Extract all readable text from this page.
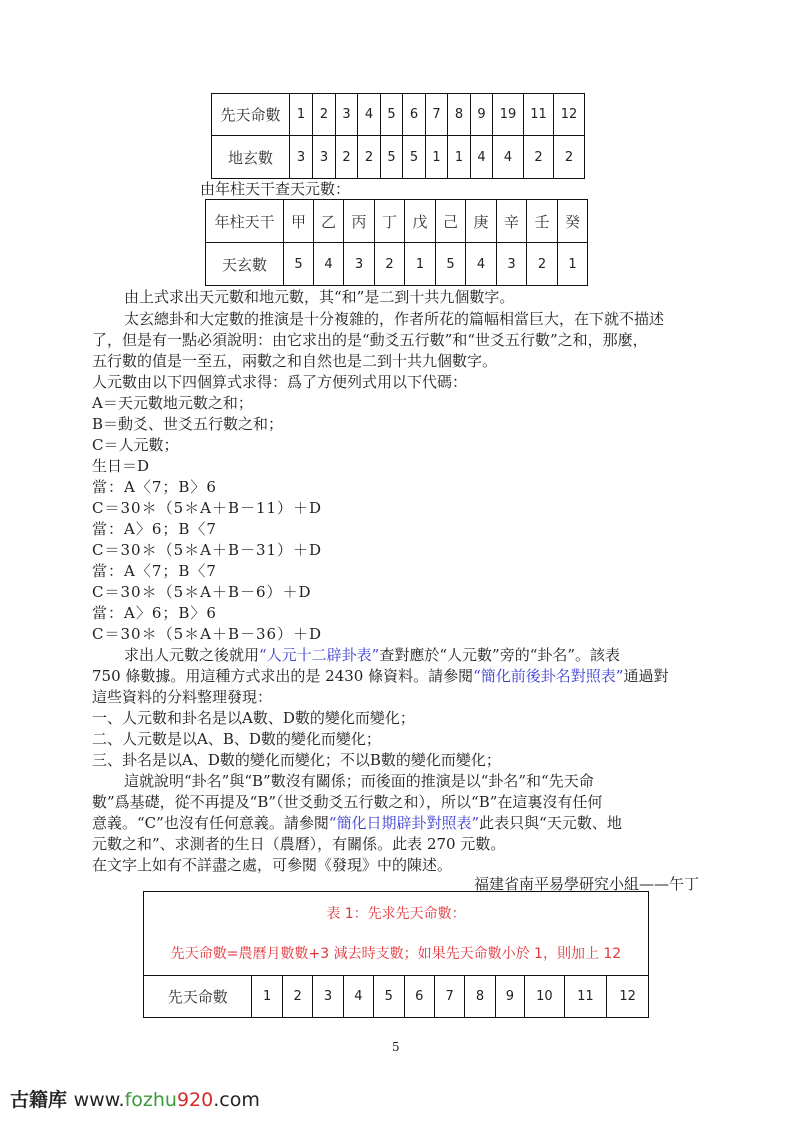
先天命數	1	2	3	4	5	6	7	8	9	19	11	12
地玄數	3	3	2	2	5	5	1	1	4	4	2	2
由年柱天干查天元數：
年柱天干	甲	乙	丙	丁	戊	己	庚	辛	壬	癸
天玄數	5	4	3	2	1	5	4	3	2	1
由上式求出天元數和地元數，其“和”是二到十共九個數字。
太玄總卦和大定數的推演是十分複雜的，作者所花的篇幅相當巨大，在下就不描述
了，但是有一點必須說明：由它求出的是“動爻五行數”和“世爻五行數”之和，那麼，
五行數的值是一至五，兩數之和自然也是二到十共九個數字。
人元數由以下四個算式求得：爲了方便列式用以下代碼：
A＝天元數地元數之和；
B＝動爻、世爻五行數之和；
C＝人元數；
生日＝D
當：A〈7；B〉6
C＝30＊（5＊A＋B－11）＋D
當：A〉6；B〈7
C＝30＊（5＊A＋B－31）＋D
當：A〈7；B〈7
C＝30＊（5＊A＋B－6）＋D
當：A〉6；B〉6
C＝30＊（5＊A＋B－36）＋D
求出人元數之後就用“人元十二辟卦表”查對應於“人元數”旁的“卦名”。該表
750 條數據。用這種方式求出的是 2430 條資料。請參閱“簡化前後卦名對照表”通過對
這些資料的分料整理發現：
一、人元數和卦名是以A數、D數的變化而變化；
二、人元數是以A、B、D數的變化而變化；
三、卦名是以A、D數的變化而變化；不以B數的變化而變化；
這就說明“卦名”與“B”數沒有關係；而後面的推演是以“卦名”和“先天命
數”爲基礎，從不再提及“B”（世爻動爻五行數之和），所以“B”在這裏沒有任何
意義。“C”也沒有任何意義。請參閱“簡化日期辟卦對照表”此表只與“天元數、地
元數之和”、求測者的生日（農曆），有關係。此表 270 元數。
在文字上如有不詳盡之處，可參閱《發現》中的陳述。
福建省南平易學研究小組——午丁
表 1：先求先天命數：
先天命數=農曆月數數+3 減去時支數；如果先天命數小於 1，則加上 12

先天命數	1	2	3	4	5	6	7	8	9	10	11	12
5
古籍库 www.fozhu920.com
